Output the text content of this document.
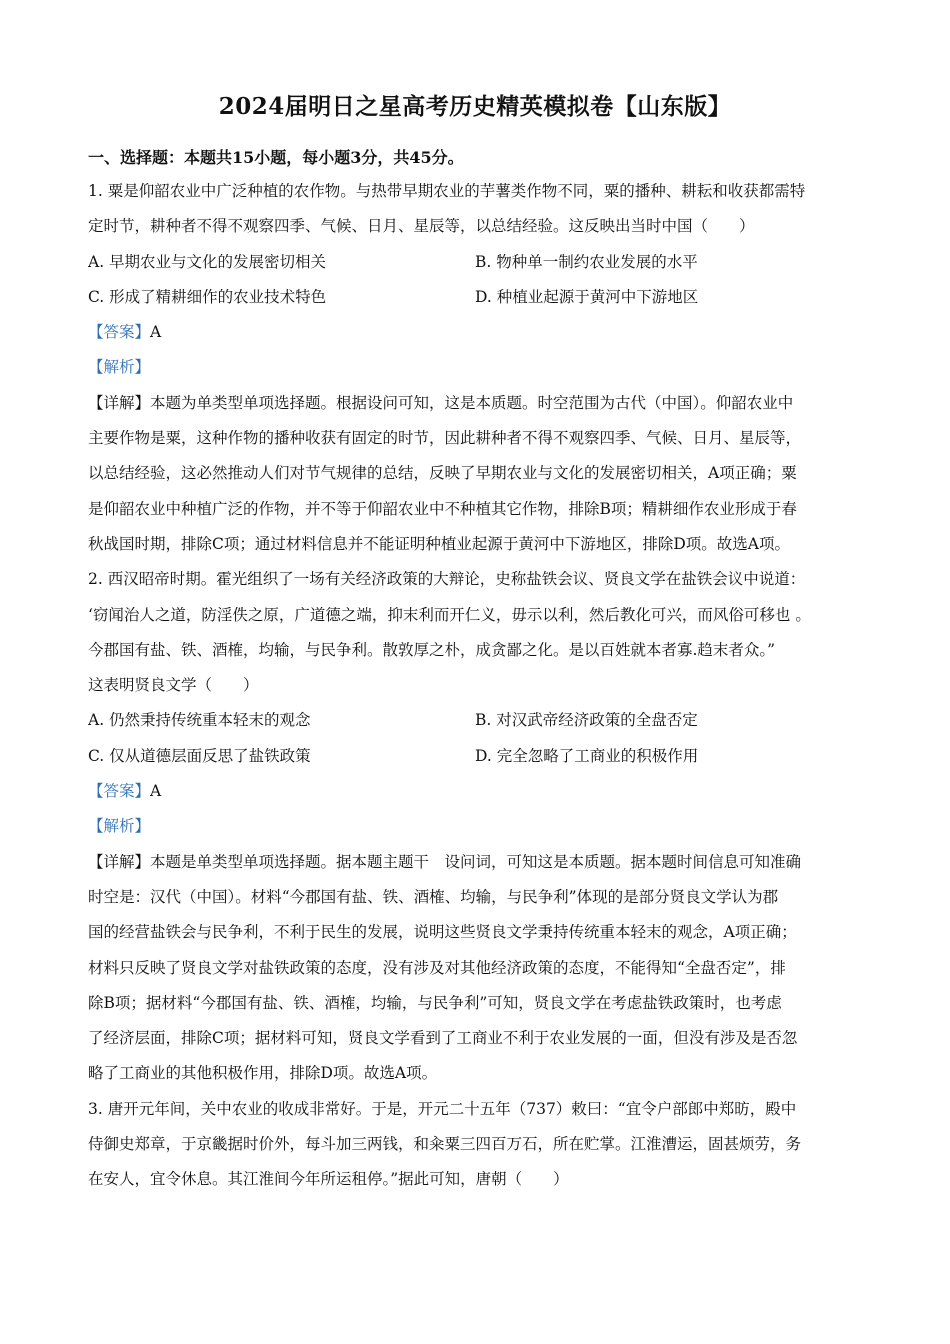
2024届明日之星高考历史精英模拟卷【山东版】
一、选择题：本题共15小题，每小题3分，共45分。
1. 粟是仰韶农业中广泛种植的农作物。与热带早期农业的芋薯类作物不同，粟的播种、耕耘和收获都需特
定时节，耕种者不得不观察四季、气候、日月、星辰等，以总结经验。这反映出当时中国（　　）
A. 早期农业与文化的发展密切相关	B. 物种单一制约农业发展的水平
C. 形成了精耕细作的农业技术特色	D. 种植业起源于黄河中下游地区
【答案】A
【解析】
【详解】本题为单类型单项选择题。根据设问可知，这是本质题。时空范围为古代（中国）。仰韶农业中
主要作物是粟，这种作物的播种收获有固定的时节，因此耕种者不得不观察四季、气候、日月、星辰等，
以总结经验，这必然推动人们对节气规律的总结，反映了早期农业与文化的发展密切相关，A项正确；粟
是仰韶农业中种植广泛的作物，并不等于仰韶农业中不种植其它作物，排除B项；精耕细作农业形成于春
秋战国时期，排除C项；通过材料信息并不能证明种植业起源于黄河中下游地区，排除D项。故选A项。
2. 西汉昭帝时期。霍光组织了一场有关经济政策的大辩论，史称盐铁会议、贤良文学在盐铁会议中说道：
‘窃闻治人之道，防淫佚之原，广道德之端，抑末利而开仁义，毋示以利，然后教化可兴，而风俗可移也 。
今郡国有盐、铁、酒榷，均输，与民争利。散敦厚之朴，成贪鄙之化。是以百姓就本者寡.趋末者众。”
这表明贤良文学（　　）
A. 仍然秉持传统重本轻末的观念	B. 对汉武帝经济政策的全盘否定
C. 仅从道德层面反思了盐铁政策	D. 完全忽略了工商业的积极作用
【答案】A
【解析】
【详解】本题是单类型单项选择题。据本题主题干　设问词，可知这是本质题。据本题时间信息可知准确
时空是：汉代（中国）。材料“今郡国有盐、铁、酒榷、均输，与民争利”体现的是部分贤良文学认为郡
国的经营盐铁会与民争利，不利于民生的发展，说明这些贤良文学秉持传统重本轻末的观念，A项正确；
材料只反映了贤良文学对盐铁政策的态度，没有涉及对其他经济政策的态度，不能得知“全盘否定”，排
除B项；据材料“今郡国有盐、铁、酒榷，均输，与民争利”可知，贤良文学在考虑盐铁政策时，也考虑
了经济层面，排除C项；据材料可知，贤良文学看到了工商业不利于农业发展的一面，但没有涉及是否忽
略了工商业的其他积极作用，排除D项。故选A项。
3. 唐开元年间，关中农业的收成非常好。于是，开元二十五年（737）敕曰：“宜令户部郎中郑昉，殿中
侍御史郑章，于京畿据时价外，每斗加三两钱，和籴粟三四百万石，所在贮掌。江淮漕运，固甚烦劳，务
在安人，宜令休息。其江淮间今年所运租停。”据此可知，唐朝（　　）
